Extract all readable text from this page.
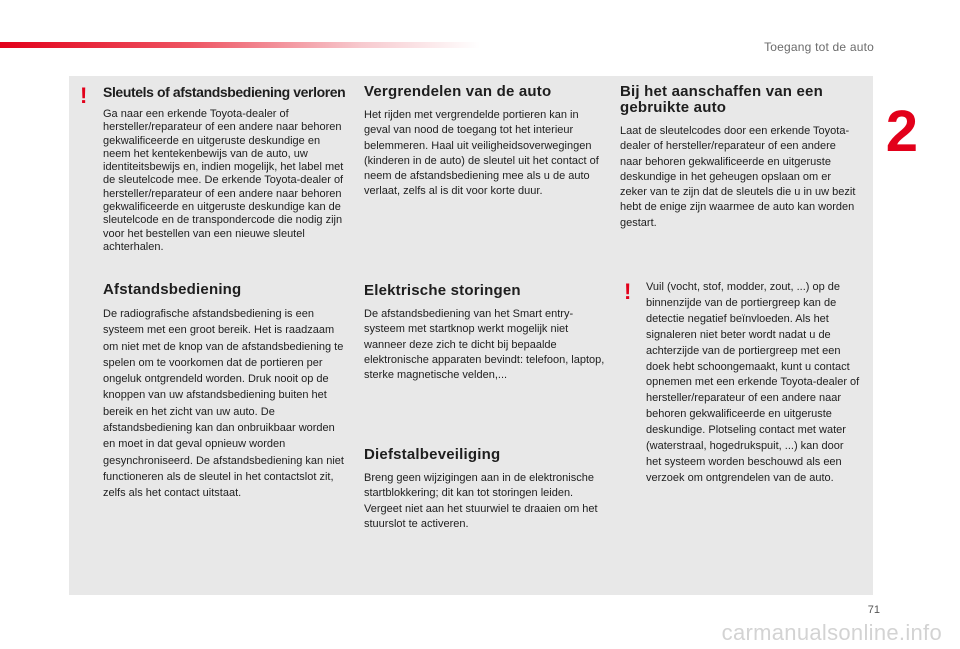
Toegang tot de auto
2
! Sleutels of afstandsbediening verloren

Ga naar een erkende Toyota-dealer of hersteller/reparateur of een andere naar behoren gekwalificeerde en uitgeruste deskundige en neem het kentekenbewijs van de auto, uw identiteitsbewijs en, indien mogelijk, het label met de sleutelcode mee. De erkende Toyota-dealer of hersteller/reparateur of een andere naar behoren gekwalificeerde en uitgeruste deskundige kan de sleutelcode en de transpondercode die nodig zijn voor het bestellen van een nieuwe sleutel achterhalen.

Afstandsbediening

De radiografische afstandsbediening is een systeem met een groot bereik. Het is raadzaam om niet met de knop van de afstandsbediening te spelen om te voorkomen dat de portieren per ongeluk ontgrendeld worden. Druk nooit op de knoppen van uw afstandsbediening buiten het bereik en het zicht van uw auto. De afstandsbediening kan dan onbruikbaar worden en moet in dat geval opnieuw worden gesynchroniseerd. De afstandsbediening kan niet functioneren als de sleutel in het contactslot zit, zelfs als het contact uitstaat.

Vergrendelen van de auto

Het rijden met vergrendelde portieren kan in geval van nood de toegang tot het interieur belemmeren. Haal uit veiligheidsoverwegingen (kinderen in de auto) de sleutel uit het contact of neem de afstandsbediening mee als u de auto verlaat, zelfs al is dit voor korte duur.

Elektrische storingen

De afstandsbediening van het Smart entry-systeem met startknop werkt mogelijk niet wanneer deze zich te dicht bij bepaalde elektronische apparaten bevindt: telefoon, laptop, sterke magnetische velden,...

Diefstalbeveiliging

Breng geen wijzigingen aan in de elektronische startblokkering; dit kan tot storingen leiden. Vergeet niet aan het stuurwiel te draaien om het stuurslot te activeren.

Bij het aanschaffen van een gebruikte auto

Laat de sleutelcodes door een erkende Toyota-dealer of hersteller/reparateur of een andere naar behoren gekwalificeerde en uitgeruste deskundige in het geheugen opslaan om er zeker van te zijn dat de sleutels die u in uw bezit hebt de enige zijn waarmee de auto kan worden gestart.

! Vuil (vocht, stof, modder, zout, ...) op de binnenzijde van de portiergreep kan de detectie negatief beïnvloeden. Als het signaleren niet beter wordt nadat u de achterzijde van de portiergreep met een doek hebt schoongemaakt, kunt u contact opnemen met een erkende Toyota-dealer of hersteller/reparateur of een andere naar behoren gekwalificeerde en uitgeruste deskundige. Plotseling contact met water (waterstraal, hogedrukspuit, ...) kan door het systeem worden beschouwd als een verzoek om ontgrendelen van de auto.

71
carmanualsonline.info
